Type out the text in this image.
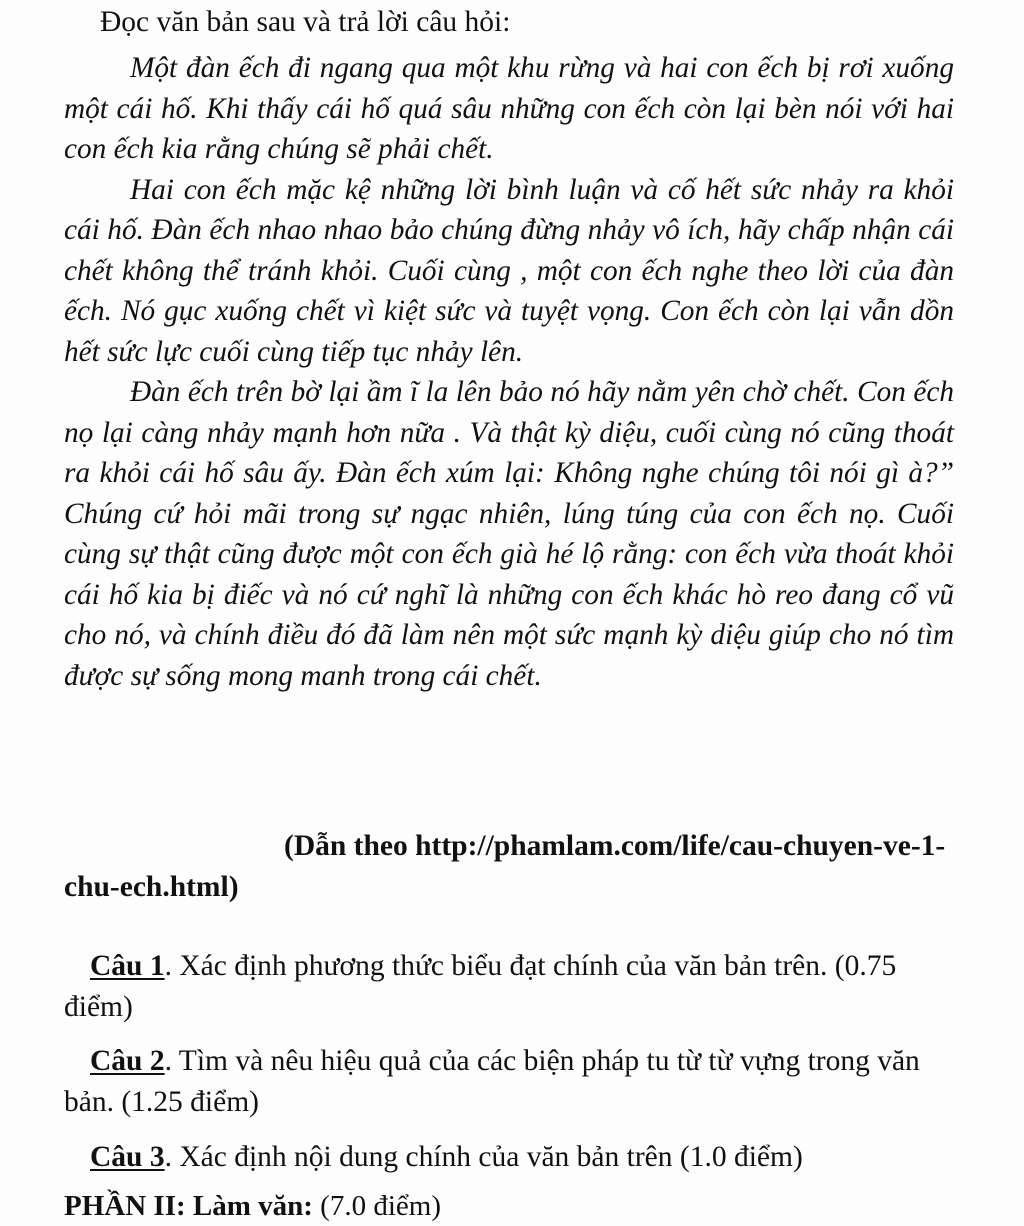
Đọc văn bản sau và trả lời câu hỏi:

Một đàn ếch đi ngang qua một khu rừng và hai con ếch bị rơi xuống một cái hố. Khi thấy cái hố quá sâu những con ếch còn lại bèn nói với hai con ếch kia rằng chúng sẽ phải chết.

Hai con ếch mặc kệ những lời bình luận và cố hết sức nhảy ra khỏi cái hố. Đàn ếch nhao nhao bảo chúng đừng nhảy vô ích, hãy chấp nhận cái chết không thể tránh khỏi. Cuối cùng , một con ếch nghe theo lời của đàn ếch. Nó gục xuống chết vì kiệt sức và tuyệt vọng. Con ếch còn lại vẫn dồn hết sức lực cuối cùng tiếp tục nhảy lên.

Đàn ếch trên bờ lại ầm ĩ la lên bảo nó hãy nằm yên chờ chết. Con ếch nọ lại càng nhảy mạnh hơn nữa . Và thật kỳ diệu, cuối cùng nó cũng thoát ra khỏi cái hố sâu ấy. Đàn ếch xúm lại: Không nghe chúng tôi nói gì à?” Chúng cứ hỏi mãi trong sự ngạc nhiên, lúng túng của con ếch nọ. Cuối cùng sự thật cũng được một con ếch già hé lộ rằng: con ếch vừa thoát khỏi cái hố kia bị điếc và nó cứ nghĩ là những con ếch khác hò reo đang cổ vũ cho nó, và chính điều đó đã làm nên một sức mạnh kỳ diệu giúp cho nó tìm được sự sống mong manh trong cái chết.

(Dẫn theo http://phamlam.com/life/cau-chuyen-ve-1-chu-ech.html)

Câu 1. Xác định phương thức biểu đạt chính của văn bản trên. (0.75 điểm)

Câu 2. Tìm và nêu hiệu quả của các biện pháp tu từ từ vựng trong văn bản. (1.25 điểm)

Câu 3. Xác định nội dung chính của văn bản trên (1.0 điểm)

PHẦN II: Làm văn: (7.0 điểm)
